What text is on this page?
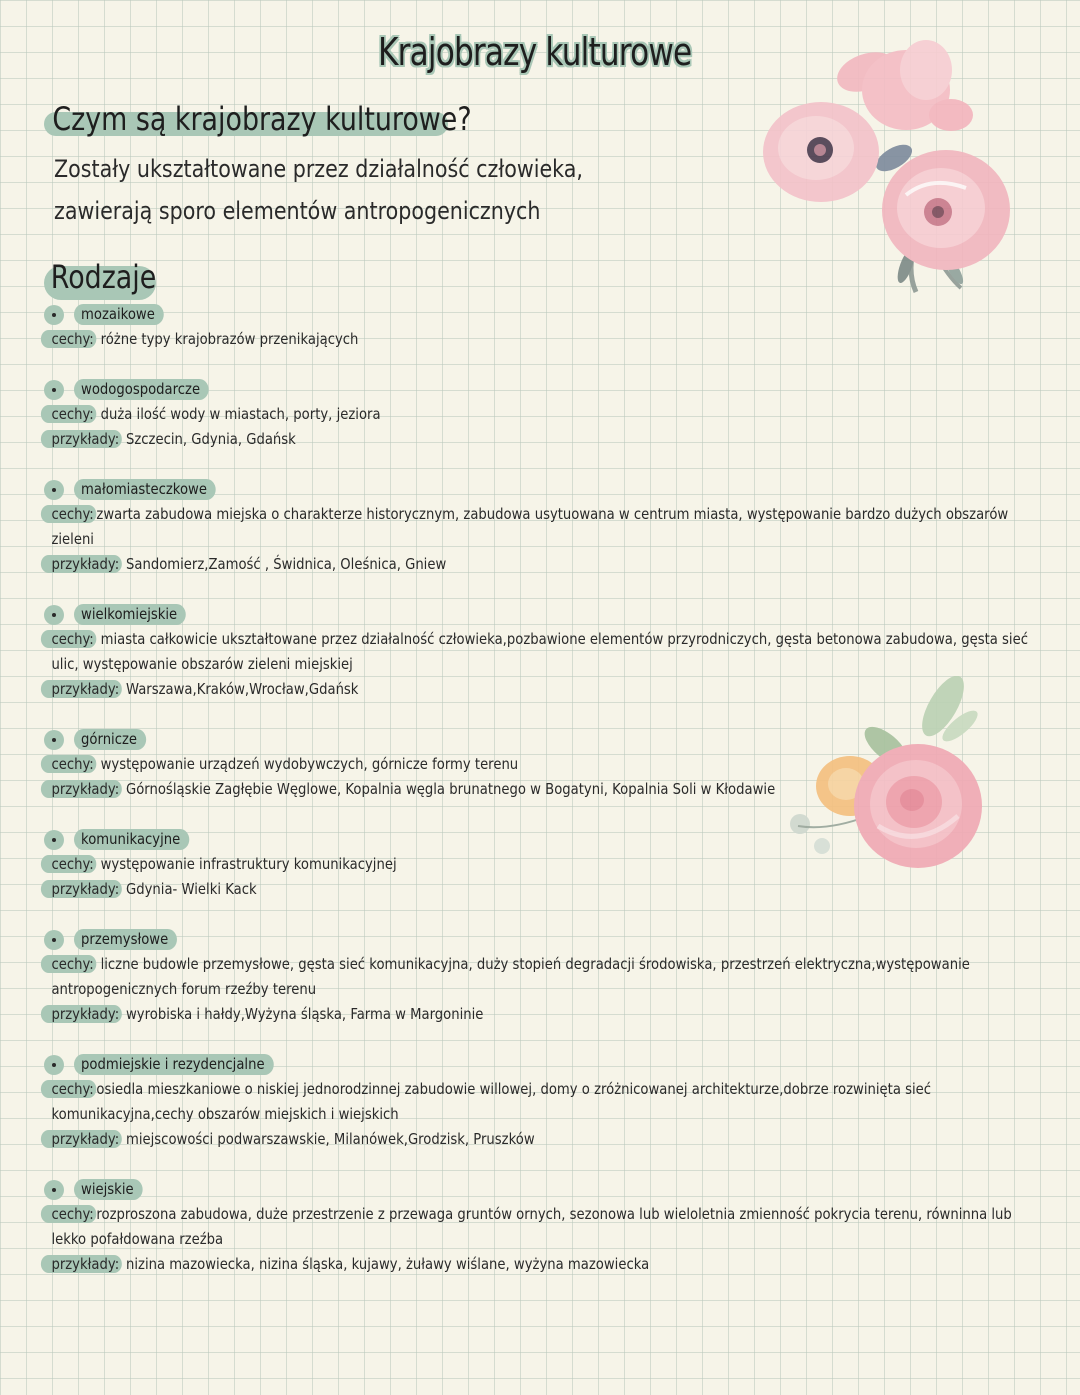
Krajobrazy kulturowe
Czym są krajobrazy kulturowe?
Zostały ukształtowane przez działalność człowieka,
zawierają sporo elementów antropogenicznych
Rodzaje
mozaikowe
cechy: różne typy krajobrazów przenikających
wodogospodarcze
cechy: duża ilość wody w miastach, porty, jeziora
przykłady: Szczecin, Gdynia, Gdańsk
małomiasteczkowe
cechy: zwarta zabudowa miejska o charakterze historycznym, zabudowa usytuowana w centrum miasta, występowanie bardzo dużych obszarów zieleni
przykłady: Sandomierz,Zamość , Świdnica, Oleśnica, Gniew
wielkomiejskie
cechy: miasta całkowicie ukształtowane przez działalność człowieka,pozbawione elementów przyrodniczych, gęsta betonowa zabudowa, gęsta sieć ulic, występowanie obszarów zieleni miejskiej
przykłady: Warszawa,Kraków,Wrocław,Gdańsk
górnicze
cechy: występowanie urządzeń wydobywczych, górnicze formy terenu
przykłady: Górnośląskie Zagłębie Węglowe, Kopalnia węgla brunatnego w Bogatyni, Kopalnia Soli w Kłodawie
komunikacyjne
cechy: występowanie infrastruktury komunikacyjnej
przykłady: Gdynia- Wielki Kack
przemysłowe
cechy: liczne budowle przemysłowe, gęsta sieć komunikacyjna, duży stopień degradacji środowiska, przestrzeń elektryczna,występowanie antropogenicznych forum rzeźby terenu
przykłady: wyrobiska i hałdy,Wyżyna śląska, Farma w Margoninie
podmiejskie i rezydencjalne
cechy: osiedla mieszkaniowe o niskiej jednorodzinnej zabudowie willowej, domy o zróżnicowanej architekturze,dobrze rozwinięta sieć komunikacyjna,cechy obszarów miejskich i wiejskich
przykłady: miejscowości podwarszawskie, Milanówek,Grodzisk, Pruszków
wiejskie
cechy: rozproszona zabudowa, duże przestrzenie z przewaga gruntów ornych, sezonowa lub wieloletnia zmienność pokrycia terenu, równinna lub lekko pofałdowana rzeźba
przykłady: nizina mazowiecka, nizina śląska, kujawy, żuławy wiślane, wyżyna mazowiecka
